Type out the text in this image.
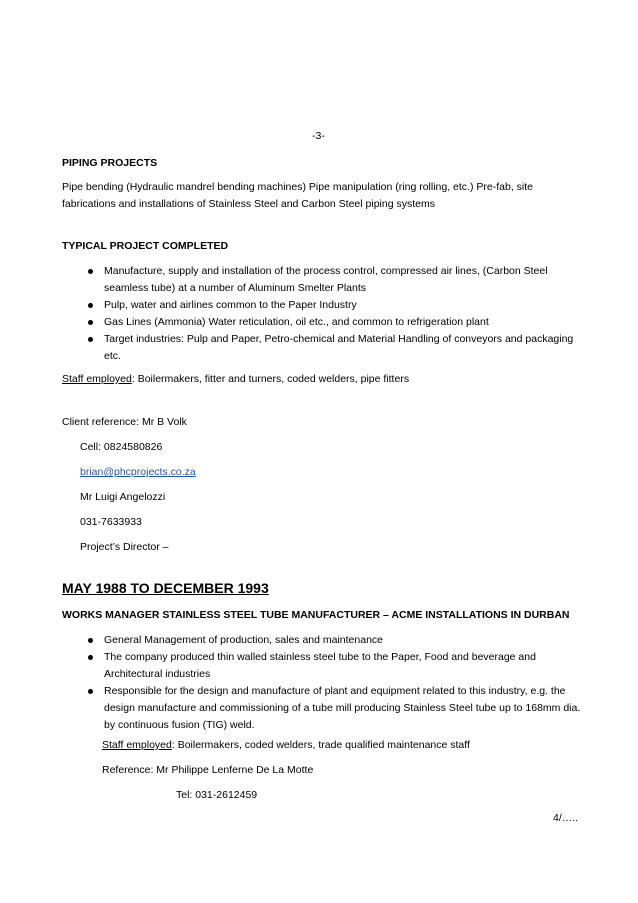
-3-
PIPING PROJECTS
Pipe bending (Hydraulic mandrel bending machines) Pipe manipulation (ring rolling, etc.) Pre-fab, site fabrications and installations of Stainless Steel and Carbon Steel piping systems
TYPICAL PROJECT COMPLETED
Manufacture, supply and installation of the process control, compressed air lines, (Carbon Steel seamless tube) at a number of Aluminum Smelter Plants
Pulp, water and airlines common to the Paper Industry
Gas Lines (Ammonia) Water reticulation, oil etc., and common to refrigeration plant
Target industries: Pulp and Paper, Petro-chemical and Material Handling of conveyors and packaging etc.
Staff employed: Boilermakers, fitter and turners, coded welders, pipe fitters
Client reference: Mr B Volk
Cell: 0824580826
brian@phcprojects.co.za
Mr Luigi Angelozzi
031-7633933
Project’s Director –
MAY 1988 TO DECEMBER 1993
WORKS MANAGER STAINLESS STEEL TUBE MANUFACTURER – ACME INSTALLATIONS IN DURBAN
General Management of production, sales and maintenance
The company produced thin walled stainless steel tube to the Paper, Food and beverage and Architectural industries
Responsible for the design and manufacture of plant and equipment related to this industry, e.g. the design manufacture and commissioning of a tube mill producing Stainless Steel tube up to 168mm dia. by continuous fusion (TIG) weld.
Staff employed: Boilermakers, coded welders, trade qualified maintenance staff
Reference: Mr Philippe Lenferne De La Motte
Tel: 031-2612459
4/…..
